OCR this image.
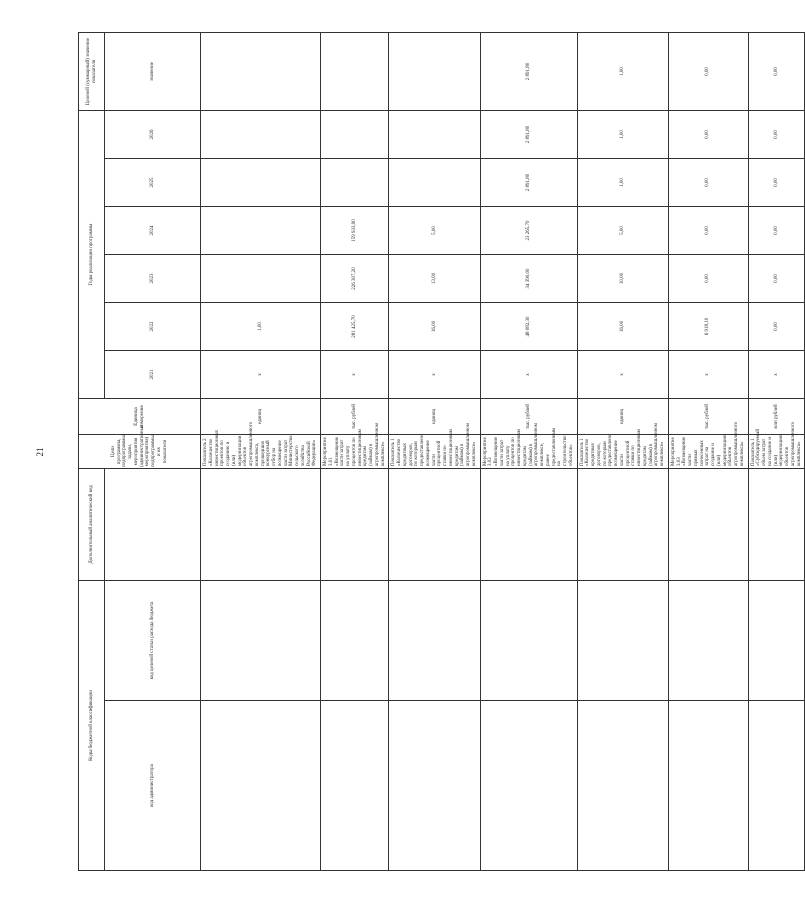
21
Коды бюджетной классификации		Дополнительный аналитический код	Цели программы, подпрограммы, задачи, мероприятия (административные мероприятия) подпрограммы и их показатели	Единица измерения	Годы реализации программы						Целевой (суммарный) значение показателя	
код администратора	код целевой статьи расхода бюджета				2021	2022	2023	2024	2025	2026	значение	
			Показатель 2 «Количество инвестиционных проектов по созданию и (или) модернизации объектов агропромышленного комплекса, прошедших конкурсный отбор на возмещение части затрат Министерства сельского хозяйства Российской Федерации»	единиц	х	1,00						
			Мероприятие 3.01 «Возмещение части затрат на уплату процентов по инвестиционным кредитам (займам) в агропромышленном комплексе»	тыс. рублей	х	281 425,70	226 307,20	159 933,90				
			Показатель 1 «Количество кредитных договоров, по которым предоставлено возмещение части процентной ставки по инвестиционным кредитам (займам) в агропромышленном комплексе»	единиц	х	16,00	13,00	5,00				
			Мероприятие 3.02 «Возмещение части затрат на уплату процентов по инвестиционным кредитам (займам) в агропромышленном комплексе, ранее предоставленным на строительство объектов»	тыс. рублей	х	48 082,30	34 390,00	23 265,70	2 891,80	2 891,80	2 891,80	
			Показатель 1 «Количество кредитных договоров, по которым предоставлено возмещение части процентной ставки по инвестиционным кредитам (займам) в агропромышленном комплексе»	единиц	х	16,00	10,00	5,00	1,00	1,00	1,00	
			Мероприятие 3.03 «Возмещение части прямых понесенных затрат на создание и (или) модернизацию объектов агропромышленного комплекса»	тыс. рублей	х	6 918,10	0,00	0,00	0,00	0,00	0,00	
			Показатель 1 «Субсидируемый объем затрат на создание и (или) модернизацию объектов агропромышленного комплекса»	млн рублей	х	0,00	0,00	0,00	0,00	0,00	0,00	
